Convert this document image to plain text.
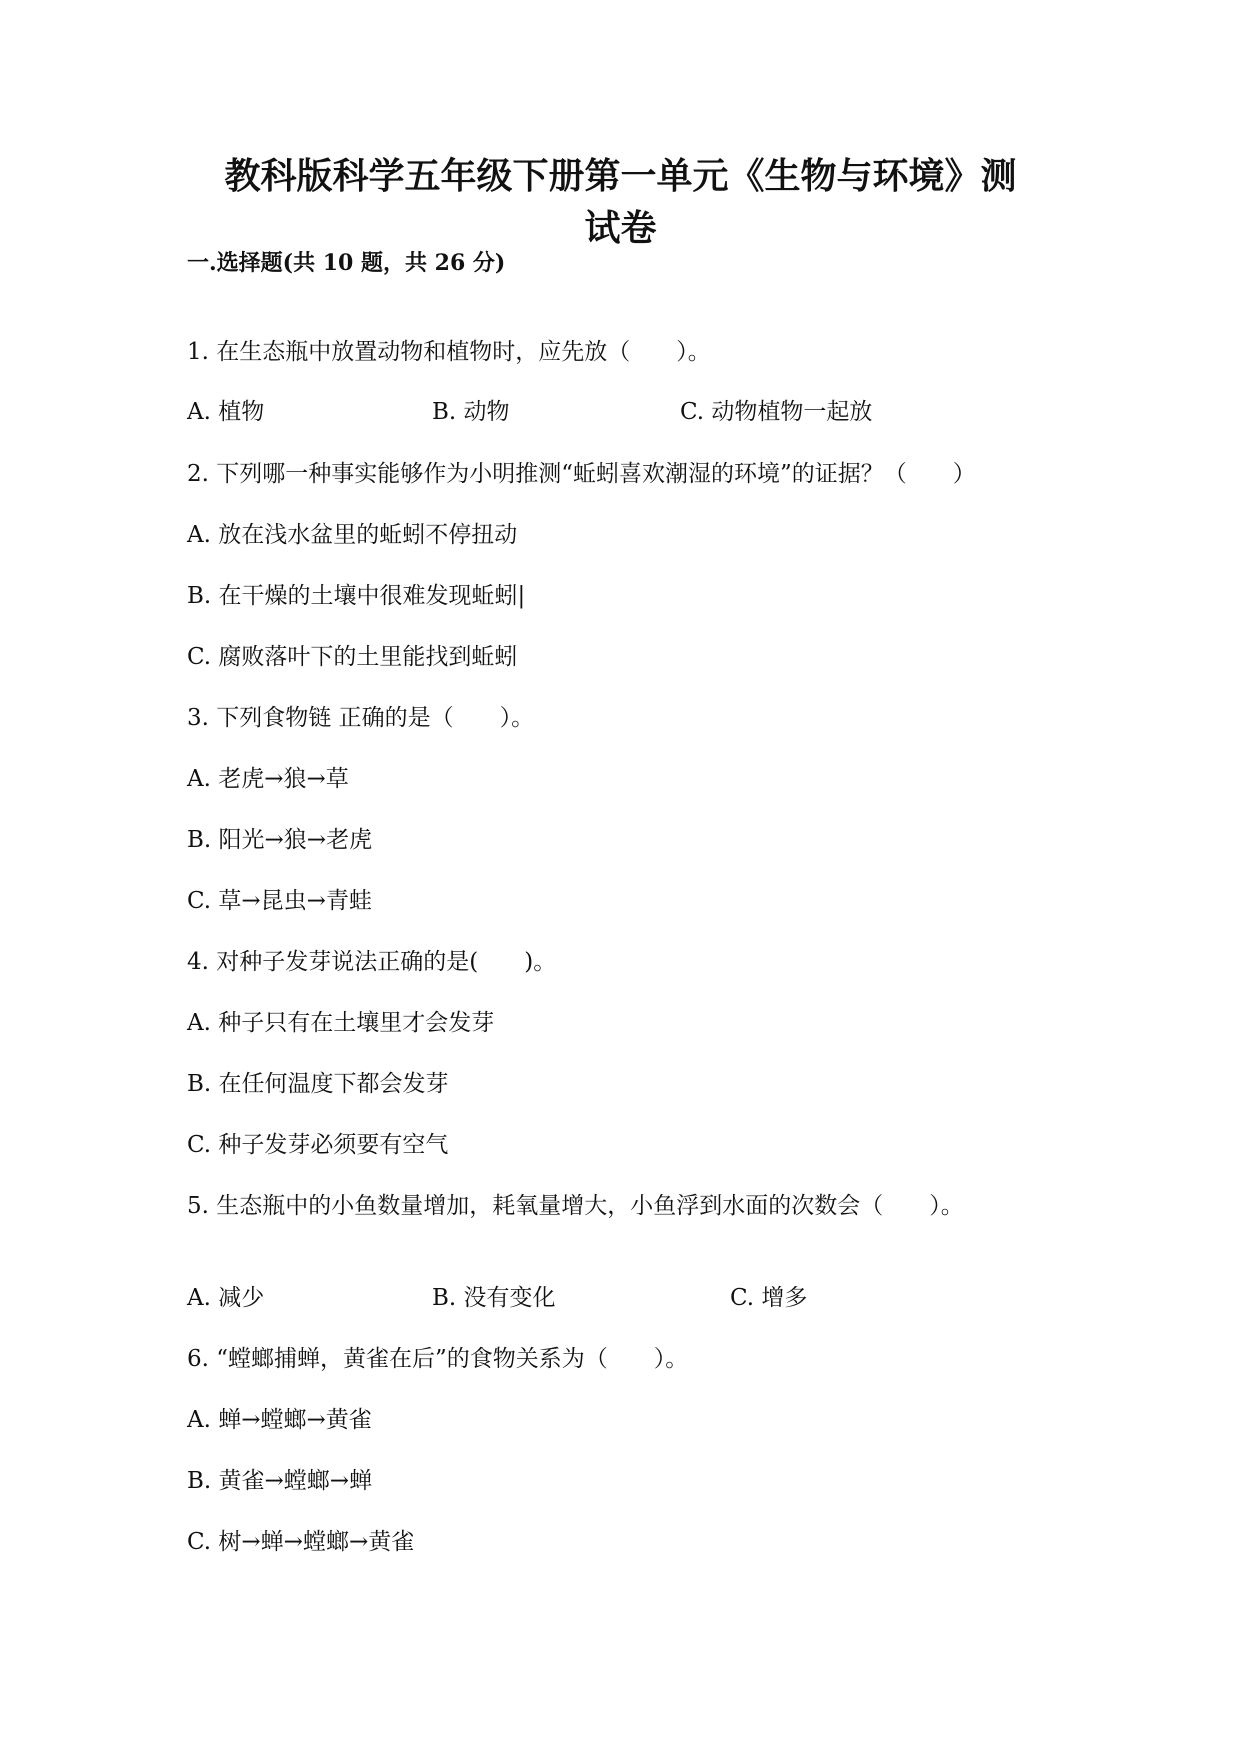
教科版科学五年级下册第一单元《生物与环境》测
试卷
一.选择题(共 10 题，共 26 分)
1. 在生态瓶中放置动物和植物时，应先放（　　）。
A. 植物	B. 动物	C. 动物植物一起放
2. 下列哪一种事实能够作为小明推测“蚯蚓喜欢潮湿的环境”的证据？（　　）
A. 放在浅水盆里的蚯蚓不停扭动
B. 在干燥的土壤中很难发现蚯蚓|
C. 腐败落叶下的土里能找到蚯蚓
3. 下列食物链 正确的是（　　）。
A. 老虎→狼→草
B. 阳光→狼→老虎
C. 草→昆虫→青蛙
4. 对种子发芽说法正确的是(　　)。
A. 种子只有在土壤里才会发芽
B. 在任何温度下都会发芽
C. 种子发芽必须要有空气
5. 生态瓶中的小鱼数量增加，耗氧量增大，小鱼浮到水面的次数会（　　）。
A. 减少	B. 没有变化	C. 增多
6. “螳螂捕蝉，黄雀在后”的食物关系为（　　）。
A. 蝉→螳螂→黄雀
B. 黄雀→螳螂→蝉
C. 树→蝉→螳螂→黄雀
